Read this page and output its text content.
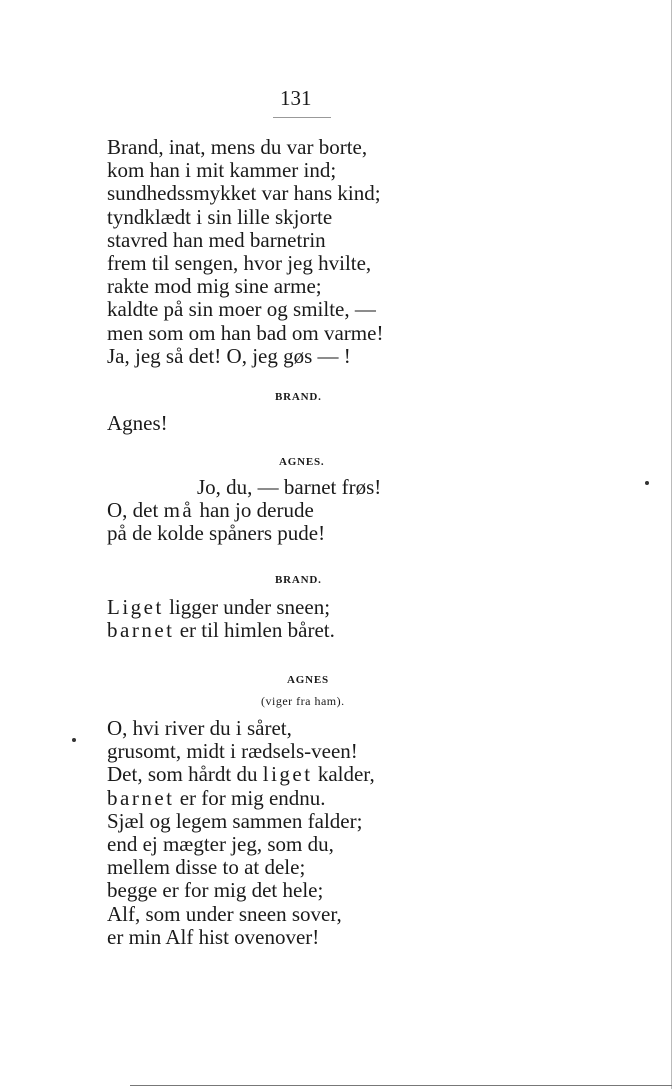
131
Brand, inat, mens du var borte,
kom han i mit kammer ind;
sundhedssmykket var hans kind;
tyndklædt i sin lille skjorte
stavred han med barnetrin
frem til sengen, hvor jeg hvilte,
rakte mod mig sine arme;
kaldte på sin moer og smilte, —
men som om han bad om varme!
Ja, jeg så det! O, jeg gøs — !
BRAND.
Agnes!
AGNES.
Jo, du, — barnet frøs!
O, det må han jo derude
på de kolde spåners pude!
BRAND.
Liget ligger under sneen;
barnet er til himlen båret.
AGNES
(viger fra ham).
O, hvi river du i såret,
grusomt, midt i rædsels-veen!
Det, som hårdt du liget kalder,
barnet er for mig endnu.
Sjæl og legem sammen falder;
end ej mægter jeg, som du,
mellem disse to at dele;
begge er for mig det hele;
Alf, som under sneen sover,
er min Alf hist ovenover!
